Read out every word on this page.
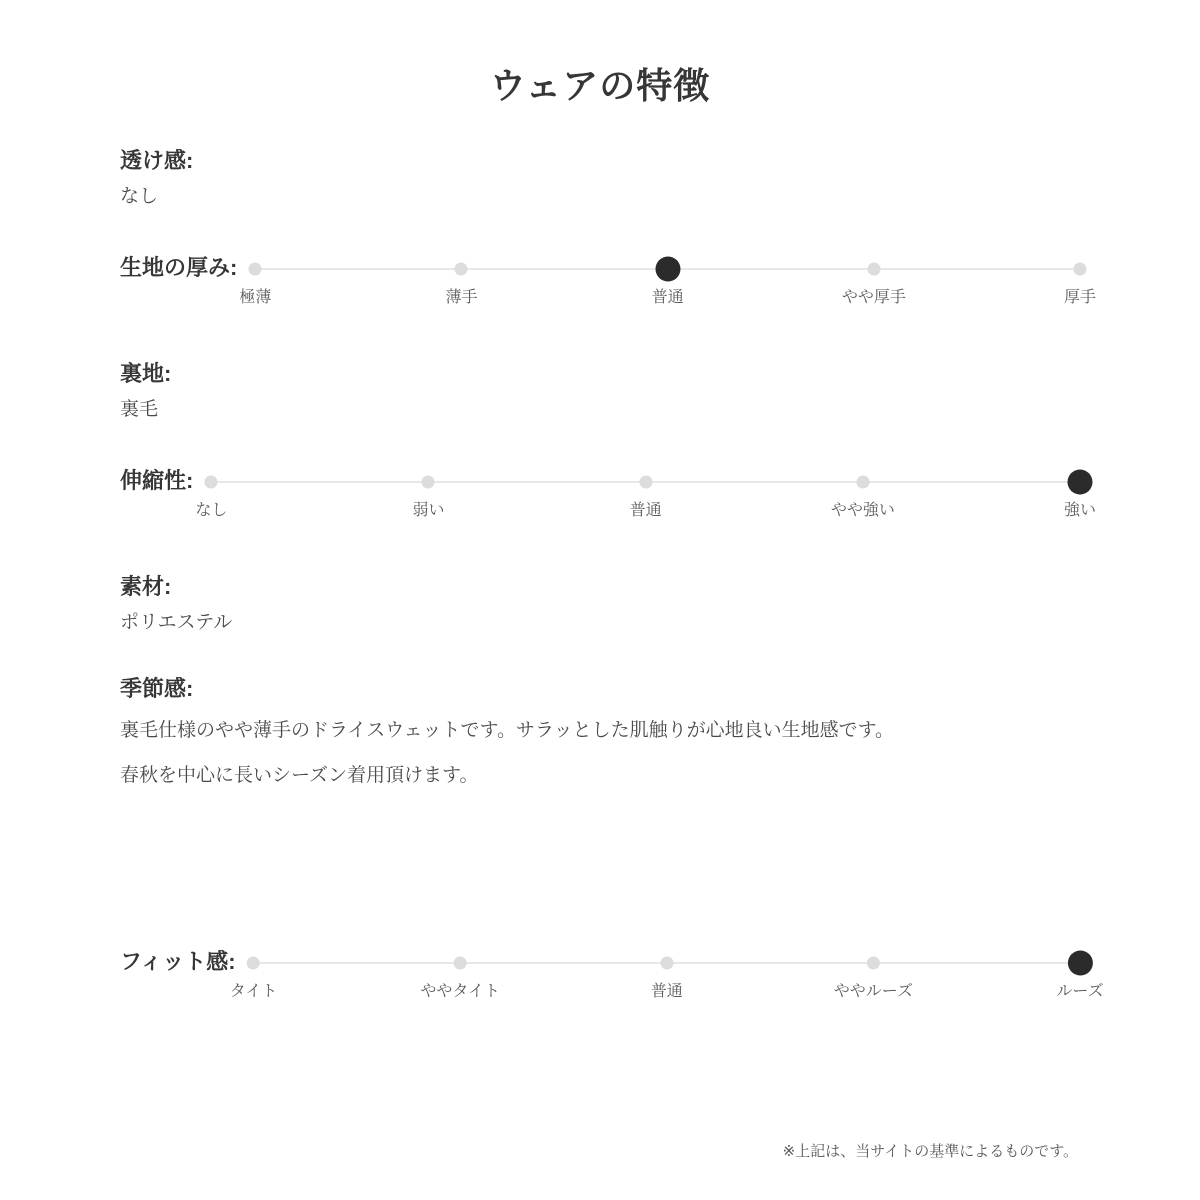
ウェアの特徴
透け感:
なし
生地の厚み:
極薄	薄手	普通	やや厚手	厚手
裏地:
裏毛
伸縮性:
なし	弱い	普通	やや強い	強い
素材:
ポリエステル
季節感:
裏毛仕様のやや薄手のドライスウェットです。サラッとした肌触りが心地良い生地感です。春秋を中心に長いシーズン着用頂けます。
フィット感:
タイト	ややタイト	普通	ややルーズ	ルーズ
※上記は、当サイトの基準によるものです。
